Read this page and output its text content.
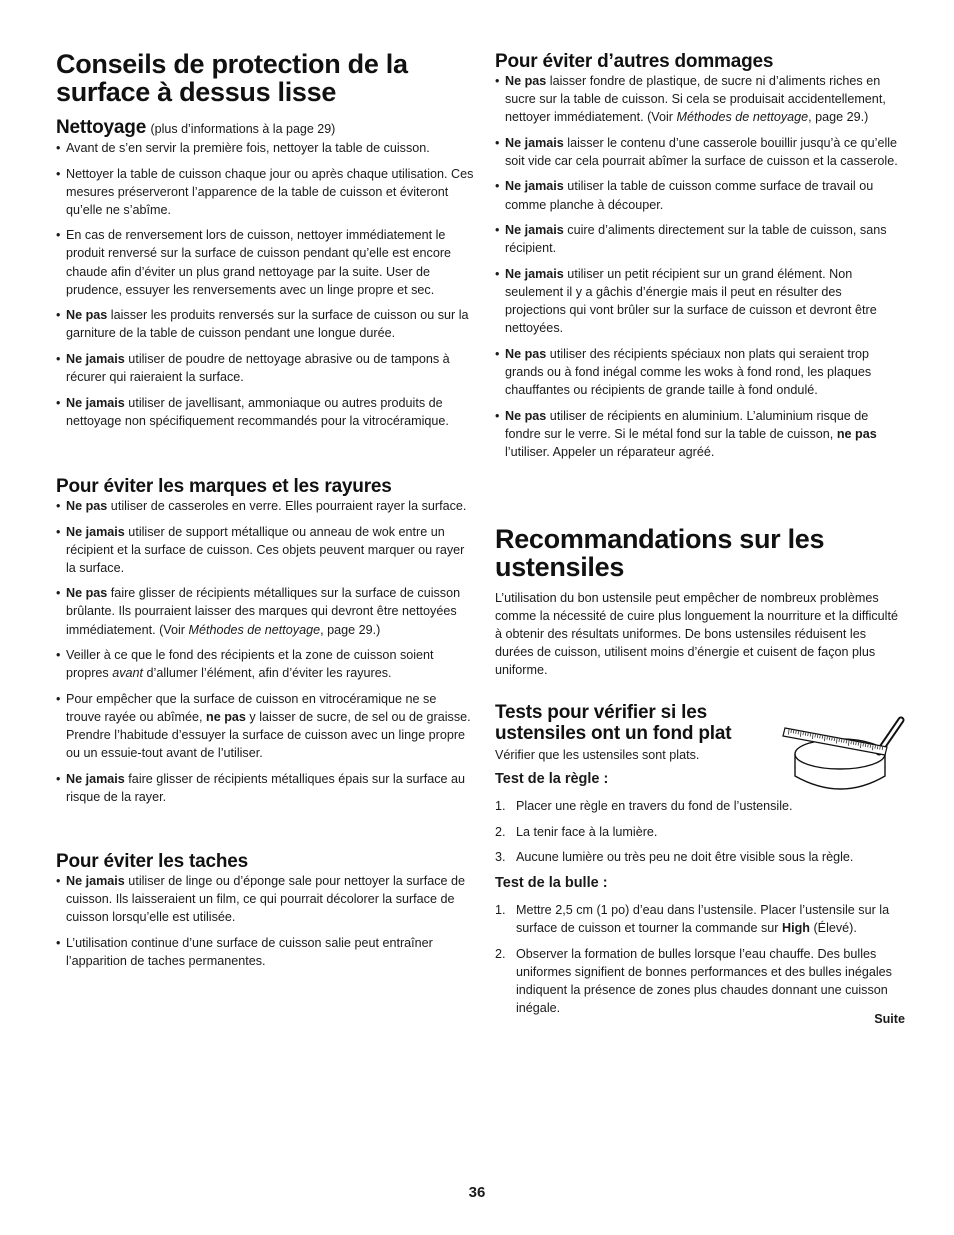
Conseils de protection de la surface à dessus lisse
Nettoyage (plus d’informations à la page 29)
• Avant de s’en servir la première fois, nettoyer la table de cuisson.
• Nettoyer la table de cuisson chaque jour ou après chaque utilisation. Ces mesures préserveront l’apparence de la table de cuisson et éviteront qu’elle ne s’abîme.
• En cas de renversement lors de cuisson, nettoyer immédiatement le produit renversé sur la surface de cuisson pendant qu’elle est encore chaude afin d’éviter un plus grand nettoyage par la suite. User de prudence, essuyer les renversements avec un linge propre et sec.
• Ne pas laisser les produits renversés sur la surface de cuisson ou sur la garniture de la table de cuisson pendant une longue durée.
• Ne jamais utiliser de poudre de nettoyage abrasive ou de tampons à récurer qui raieraient la surface.
• Ne jamais utiliser de javellisant, ammoniaque ou autres produits de nettoyage non spécifiquement recommandés pour la vitrocéramique.
Pour éviter les marques et les rayures
• Ne pas utiliser de casseroles en verre. Elles pourraient rayer la surface.
• Ne jamais utiliser de support métallique ou anneau de wok entre un récipient et la surface de cuisson. Ces objets peuvent marquer ou rayer la surface.
• Ne pas faire glisser de récipients métalliques sur la surface de cuisson brûlante. Ils pourraient laisser des marques qui devront être nettoyées immédiatement. (Voir Méthodes de nettoyage, page 29.)
• Veiller à ce que le fond des récipients et la zone de cuisson soient propres avant d’allumer l’élément, afin d’éviter les rayures.
• Pour empêcher que la surface de cuisson en vitrocéramique ne se trouve rayée ou abîmée, ne pas y laisser de sucre, de sel ou de graisse. Prendre l’habitude d’essuyer la surface de cuisson avec un linge propre ou un essuie-tout avant de l’utiliser.
• Ne jamais faire glisser de récipients métalliques épais sur la surface au risque de la rayer.
Pour éviter les taches
• Ne jamais utiliser de linge ou d’éponge sale pour nettoyer la surface de cuisson. Ils laisseraient un film, ce qui pourrait décolorer la surface de cuisson lorsqu’elle est utilisée.
• L’utilisation continue d’une surface de cuisson salie peut entraîner l’apparition de taches permanentes.
Pour éviter d’autres dommages
• Ne pas laisser fondre de plastique, de sucre ni d’aliments riches en sucre sur la table de cuisson. Si cela se produisait accidentellement, nettoyer immédiatement. (Voir Méthodes de nettoyage, page 29.)
• Ne jamais laisser le contenu d’une casserole bouillir jusqu’à ce qu’elle soit vide car cela pourrait abîmer la surface de cuisson et la casserole.
• Ne jamais utiliser la table de cuisson comme surface de travail ou comme planche à découper.
• Ne jamais cuire d’aliments directement sur la table de cuisson, sans récipient.
• Ne jamais utiliser un petit récipient sur un grand élément. Non seulement il y a gâchis d’énergie mais il peut en résulter des projections qui vont brûler sur la surface de cuisson et devront être nettoyées.
• Ne pas utiliser des récipients spéciaux non plats qui seraient trop grands ou à fond inégal comme les woks à fond rond, les plaques chauffantes ou récipients de grande taille à fond ondulé.
• Ne pas utiliser de récipients en aluminium. L’aluminium risque de fondre sur le verre. Si le métal fond sur la table de cuisson, ne pas l’utiliser. Appeler un réparateur agréé.
Recommandations sur les ustensiles

L’utilisation du bon ustensile peut empêcher de nombreux problèmes comme la nécessité de cuire plus longuement la nourriture et la difficulté à obtenir des résultats uniformes. De bons ustensiles réduisent les durées de cuisson, utilisent moins d’énergie et cuisent de façon plus uniforme.

Tests pour vérifier si les ustensiles ont un fond plat

Vérifier que les ustensiles sont plats.

Test de la règle :
1. Placer une règle en travers du fond de l’ustensile.
2. La tenir face à la lumière.
3. Aucune lumière ou très peu ne doit être visible sous la règle.
Test de la bulle :
1. Mettre 2,5 cm (1 po) d’eau dans l’ustensile. Placer l’ustensile sur la surface de cuisson et tourner la commande sur High (Élevé).
2. Observer la formation de bulles lorsque l’eau chauffe. Des bulles uniformes signifient de bonnes performances et des bulles inégales indiquent la présence de zones plus chaudes donnant une cuisson inégale.
Suite
36
